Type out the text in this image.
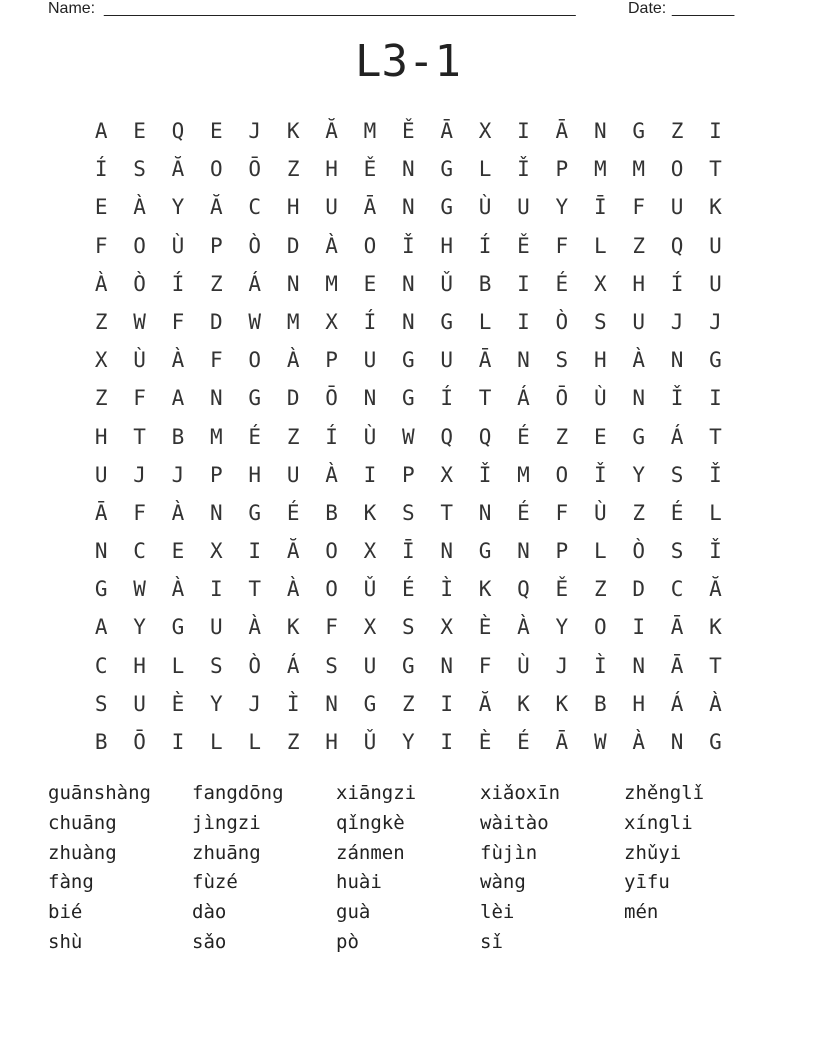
Name: _____________________________________________________	Date: _______
L3-1
A	E	Q	E	J	K	Ă	M	Ě	Ā	X	I	Ā	N	G	Z	I
Í	S	Ă	O	Ō	Z	H	Ě	N	G	L	Ǐ	P	M	M	O	T
E	À	Y	Ă	C	H	U	Ā	N	G	Ù	U	Y	Ī	F	U	K
F	O	Ù	P	Ò	D	À	O	Ǐ	H	Í	Ě	F	L	Z	Q	U
À	Ò	Í	Z	Á	N	M	E	N	Ǔ	B	I	É	X	H	Í	U
Z	W	F	D	W	M	X	Í	N	G	L	I	Ò	S	U	J	J
X	Ù	À	F	O	À	P	U	G	U	Ā	N	S	H	À	N	G
Z	F	A	N	G	D	Ō	N	G	Í	T	Á	Ō	Ù	N	Ǐ	I
H	T	B	M	É	Z	Í	Ù	W	Q	Q	É	Z	E	G	Á	T
U	J	J	P	H	U	À	I	P	X	Ǐ	M	O	Ǐ	Y	S	Ǐ
Ā	F	À	N	G	É	B	K	S	T	N	É	F	Ù	Z	É	L
N	C	E	X	I	Ă	O	X	Ī	N	G	N	P	L	Ò	S	Ǐ
G	W	À	I	T	À	O	Ǔ	É	Ì	K	Q	Ě	Z	D	C	Ă
A	Y	G	U	À	K	F	X	S	X	È	À	Y	O	I	Ā	K
C	H	L	S	Ò	Á	S	U	G	N	F	Ù	J	Ì	N	Ā	T
S	U	È	Y	J	Ì	N	G	Z	I	Ă	K	K	B	H	Á	À
B	Ō	I	L	L	Z	H	Ǔ	Y	I	È	É	Ā	W	À	N	G
guānshàng	fangdōng	xiāngzi	xiǎoxīn	zhěnglǐ
chuāng	jìngzi	qǐngkè	wàitào	xíngli
zhuàng	zhuāng	zánmen	fùjìn	zhǔyi
fàng	fùzé	huài	wàng	yīfu
bié	dào	guà	lèi	mén
shù	sǎo	pò	sǐ
